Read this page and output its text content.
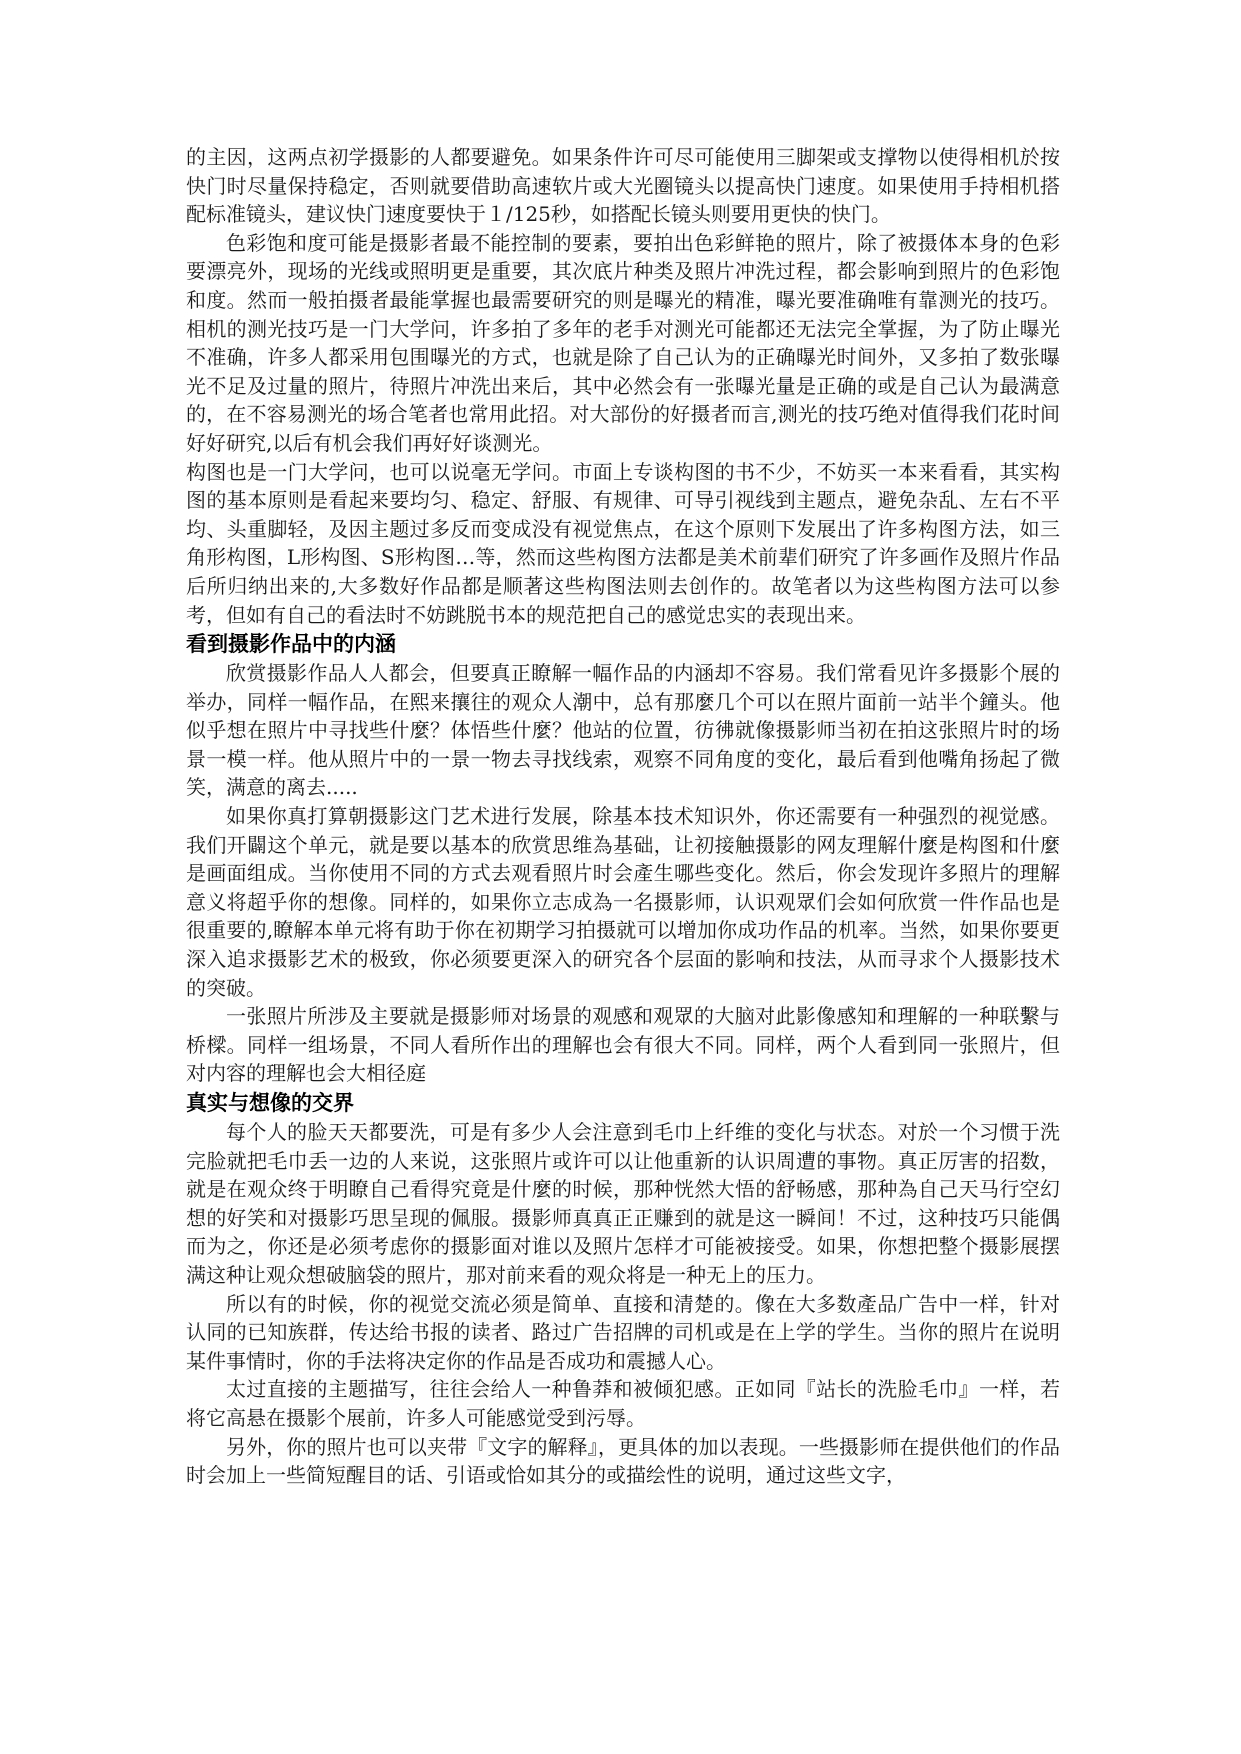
的主因，这两点初学摄影的人都要避免。如果条件许可尽可能使用三脚架或支撑物以使得相机於按快门时尽量保持稳定，否则就要借助高速软片或大光圈镜头以提高快门速度。如果使用手持相机搭配标准镜头，建议快门速度要快于１/125秒，如搭配长镜头则要用更快的快门。

色彩饱和度可能是摄影者最不能控制的要素，要拍出色彩鲜艳的照片，除了被摄体本身的色彩要漂亮外，现场的光线或照明更是重要，其次底片种类及照片冲洗过程，都会影响到照片的色彩饱和度。然而一般拍摄者最能掌握也最需要研究的则是曝光的精准，曝光要准确唯有靠测光的技巧。相机的测光技巧是一门大学问，许多拍了多年的老手对测光可能都还无法完全掌握，为了防止曝光不准确，许多人都采用包围曝光的方式，也就是除了自己认为的正确曝光时间外，又多拍了数张曝光不足及过量的照片，待照片冲洗出来后，其中必然会有一张曝光量是正确的或是自己认为最满意的，在不容易测光的场合笔者也常用此招。对大部份的好摄者而言,测光的技巧绝对值得我们花时间好好研究,以后有机会我们再好好谈测光。

构图也是一门大学问，也可以说毫无学问。市面上专谈构图的书不少，不妨买一本来看看，其实构图的基本原则是看起来要均匀、稳定、舒服、有规律、可导引视线到主题点，避免杂乱、左右不平均、头重脚轻，及因主题过多反而变成没有视觉焦点，在这个原则下发展出了许多构图方法，如三角形构图，L形构图、S形构图…等，然而这些构图方法都是美术前辈们研究了许多画作及照片作品后所归纳出来的,大多数好作品都是顺著这些构图法则去创作的。故笔者以为这些构图方法可以参考，但如有自己的看法时不妨跳脱书本的规范把自己的感觉忠实的表现出来。

看到摄影作品中的内涵

欣赏摄影作品人人都会，但要真正瞭解一幅作品的内涵却不容易。我们常看见许多摄影个展的举办，同样一幅作品，在熙来攘往的观众人潮中，总有那麼几个可以在照片面前一站半个鐘头。他似乎想在照片中寻找些什麼？体悟些什麼？他站的位置，彷彿就像摄影师当初在拍这张照片时的场景一模一样。他从照片中的一景一物去寻找线索，观察不同角度的变化，最后看到他嘴角扬起了微笑，满意的离去.....

如果你真打算朝摄影这门艺术进行发展，除基本技术知识外，你还需要有一种强烈的视觉感。我们开闢这个单元，就是要以基本的欣赏思维為基础，让初接触摄影的网友理解什麼是构图和什麼是画面组成。当你使用不同的方式去观看照片时会產生哪些变化。然后，你会发现许多照片的理解意义将超乎你的想像。同样的，如果你立志成為一名摄影师，认识观眾们会如何欣赏一件作品也是很重要的,瞭解本单元将有助于你在初期学习拍摄就可以增加你成功作品的机率。当然，如果你要更深入追求摄影艺术的极致，你必须要更深入的研究各个层面的影响和技法，从而寻求个人摄影技术的突破。

一张照片所涉及主要就是摄影师对场景的观感和观眾的大脑对此影像感知和理解的一种联繫与桥樑。同样一组场景，不同人看所作出的理解也会有很大不同。同样，两个人看到同一张照片，但对内容的理解也会大相径庭

真实与想像的交界

每个人的脸天天都要洗，可是有多少人会注意到毛巾上纤维的变化与状态。对於一个习惯于洗完脸就把毛巾丢一边的人来说，这张照片或许可以让他重新的认识周遭的事物。真正厉害的招数，就是在观众终于明瞭自己看得究竟是什麼的时候，那种恍然大悟的舒畅感，那种為自己天马行空幻想的好笑和对摄影巧思呈现的佩服。摄影师真真正正赚到的就是这一瞬间！不过，这种技巧只能偶而为之，你还是必须考虑你的摄影面对谁以及照片怎样才可能被接受。如果，你想把整个摄影展摆满这种让观众想破脑袋的照片，那对前来看的观众将是一种无上的压力。

所以有的时候，你的视觉交流必须是简单、直接和清楚的。像在大多数產品广告中一样，针对认同的已知族群，传达给书报的读者、路过广告招牌的司机或是在上学的学生。当你的照片在说明某件事情时，你的手法将决定你的作品是否成功和震撼人心。

太过直接的主题描写，往往会给人一种鲁莽和被倾犯感。正如同『站长的洗脸毛巾』一样，若将它高悬在摄影个展前，许多人可能感觉受到污辱。

另外，你的照片也可以夹带『文字的解释』，更具体的加以表现。一些摄影师在提供他们的作品时会加上一些简短醒目的话、引语或恰如其分的或描绘性的说明，通过这些文字，
